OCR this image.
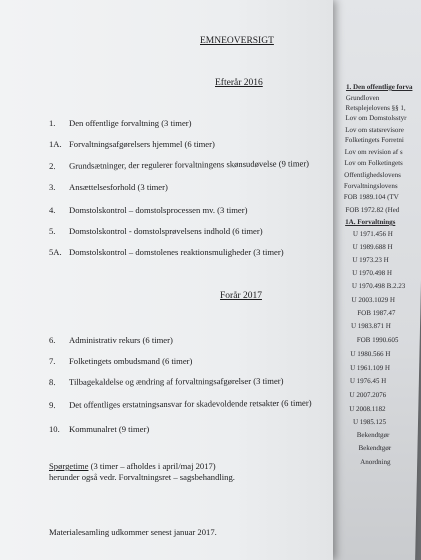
1. Den offentlige forva
Grundloven
Retsplejelovens §§ 1,
Lov om Domstolsstyr
Lov om statsrevisore
Folketingets Forretni
Lov om revision af s
Lov om Folketingets
Offentlighedslovens
Forvaltningslovens
FOB 1989.104 (TV
FOB 1972.82 (Hed
1A. Forvaltnings
U 1971.456 H
U 1989.688 H
U 1973.23 H
U 1970.498 H
U 1970.498 B.2.23
U 2003.1029 H
FOB 1987.47
U 1983.871 H
FOB 1990.605
U 1980.566 H
U 1961.109 H
U 1976.45 H
U 2007.2076
U 2008.1182
U 1985.125
Bekendtgør
Bekendtgør
Anordning
EMNEOVERSIGT
Efterår 2016
1. Den offentlige forvaltning (3 timer)
1A. Forvaltningsafgørelsers hjemmel (6 timer)
2. Grundsætninger, der regulerer forvaltningens skønsudøvelse (9 timer)
3. Ansættelsesforhold (3 timer)
4. Domstolskontrol – domstolsprocessen mv. (3 timer)
5. Domstolskontrol - domstolsprøvelsens indhold (6 timer)
5A. Domstolskontrol – domstolenes reaktionsmuligheder (3 timer)
Forår 2017
6. Administrativ rekurs (6 timer)
7. Folketingets ombudsmand (6 timer)
8. Tilbagekaldelse og ændring af forvaltningsafgørelser (3 timer)
9. Det offentliges erstatningsansvar for skadevoldende retsakter (6 timer)
10. Kommunalret (9 timer)
Spørgetime (3 timer – afholdes i april/maj 2017)
herunder også vedr. Forvaltningsret – sagsbehandling.
Materialesamling udkommer senest januar 2017.
